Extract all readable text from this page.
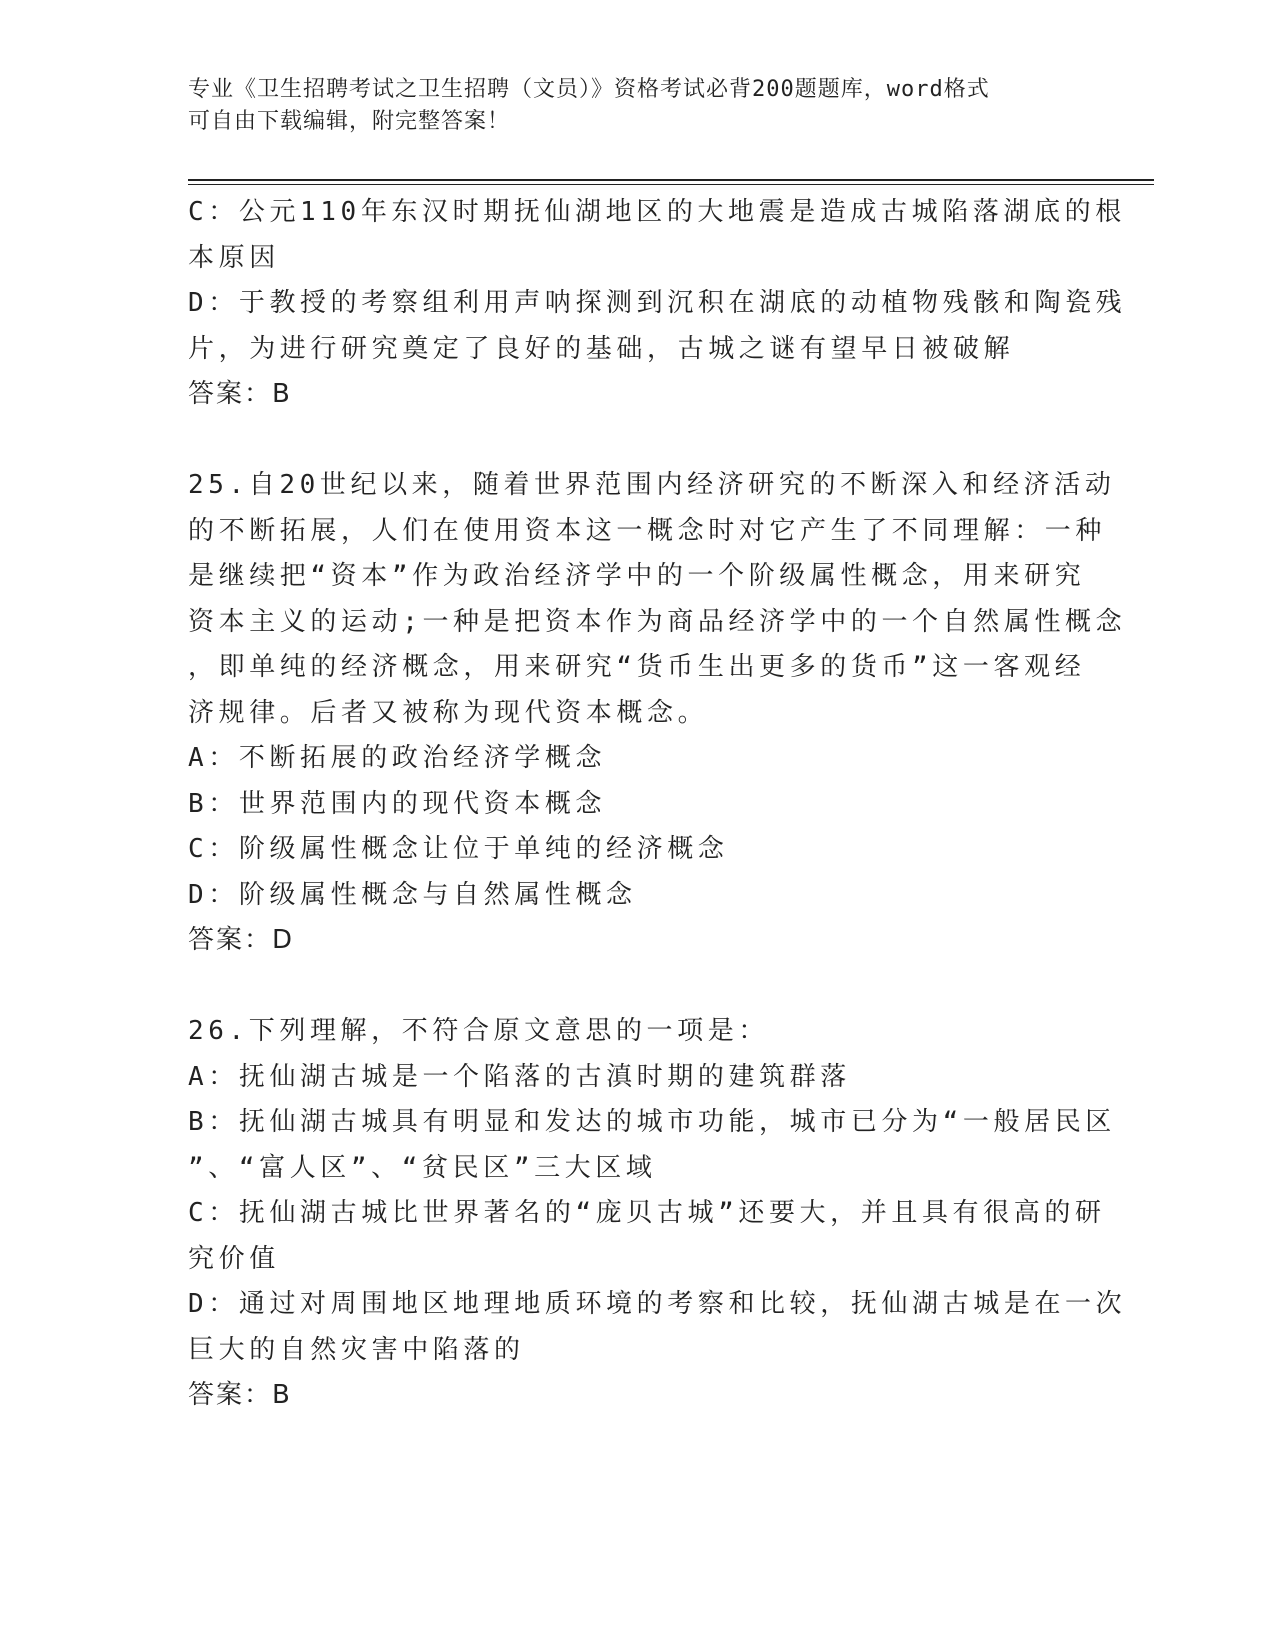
专业《卫生招聘考试之卫生招聘（文员）》资格考试必背200题题库，word格式
可自由下载编辑，附完整答案！
C：公元110年东汉时期抚仙湖地区的大地震是造成古城陷落湖底的根
本原因
D：于教授的考察组利用声呐探测到沉积在湖底的动植物残骸和陶瓷残
片，为进行研究奠定了良好的基础，古城之谜有望早日被破解
答案：B
25.自20世纪以来，随着世界范围内经济研究的不断深入和经济活动
的不断拓展，人们在使用资本这一概念时对它产生了不同理解：一种
是继续把“资本”作为政治经济学中的一个阶级属性概念，用来研究
资本主义的运动;一种是把资本作为商品经济学中的一个自然属性概念
，即单纯的经济概念，用来研究“货币生出更多的货币”这一客观经
济规律。后者又被称为现代资本概念。
A：不断拓展的政治经济学概念
B：世界范围内的现代资本概念
C：阶级属性概念让位于单纯的经济概念
D：阶级属性概念与自然属性概念
答案：D
26.下列理解，不符合原文意思的一项是：
A：抚仙湖古城是一个陷落的古滇时期的建筑群落
B：抚仙湖古城具有明显和发达的城市功能，城市已分为“一般居民区
”、“富人区”、“贫民区”三大区域
C：抚仙湖古城比世界著名的“庞贝古城”还要大，并且具有很高的研
究价值
D：通过对周围地区地理地质环境的考察和比较，抚仙湖古城是在一次
巨大的自然灾害中陷落的
答案：B
